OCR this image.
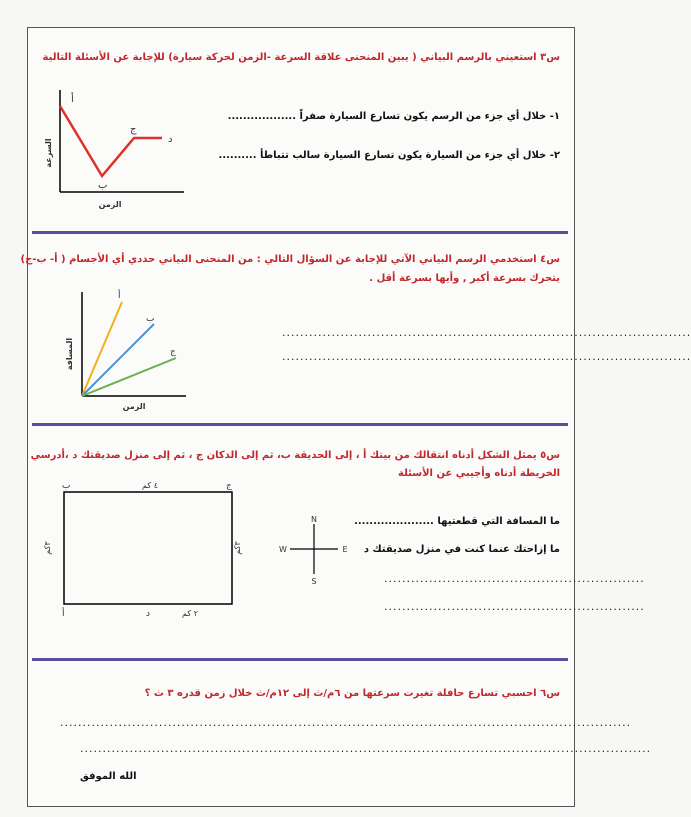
س٣ استعيني بالرسم البياني ( يبين المنحنى علاقة السرعة -الزمن لحركة سيارة) للإجابة عن الأسئلة التالية
أ
ب
ج
د
السرعة
الزمن
١- خلال أي جزء من الرسم يكون تسارع السيارة صفراً ..................
٢- خلال أي جزء من السيارة يكون تسارع السيارة سالب تتباطأ ..........
س٤ استخدمي الرسم البياني الآتي للإجابة عن السؤال التالي : من المنحنى البياني حددي أي الأجسام ( أ- ب-ج)
يتحرك بسرعة أكبر , وأيها بسرعة أقل .
أ
ب
ج
المسافة
الزمن
...........................................................................................
...........................................................................................
س٥ يمثل الشكل أدناه انتقالك من بيتك أ ، إلى الحديقة ب، ثم إلى الدكان ج ، ثم إلى منزل صديقتك د ،أدرسي
الخريطة أدناه وأجيبي عن الأسئلة
ب	ج
أ	د
٤ كم
٢ كم
٣كم
٣كم
N
S
E
W
ما المسافة التي قطعتيها .....................
ما إزاحتك عنما كنت في منزل صديقتك د
..........................................................
..........................................................
س٦ احسبي تسارع حافلة تغيرت سرعتها من ٦م/ث إلى ١٢م/ث خلال زمن قدره ٣ ث ؟
...............................................................................................................................
...............................................................................................................................
الله الموفق
